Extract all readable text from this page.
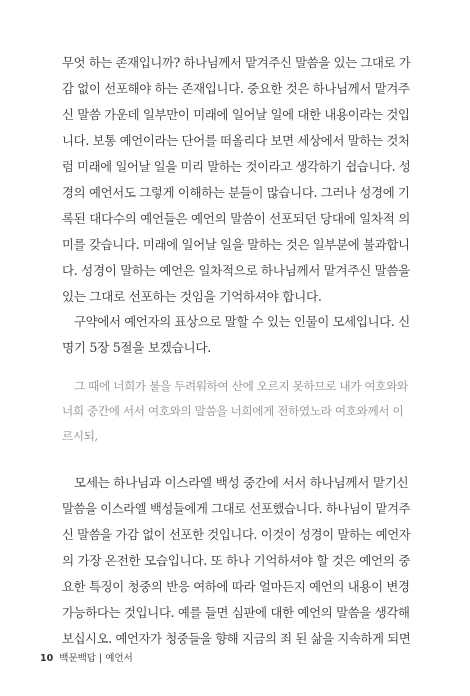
무엇 하는 존재입니까? 하나님께서 맡겨주신 말씀을 있는 그대로 가
감 없이 선포해야 하는 존재입니다. 중요한 것은 하나님께서 맡겨주
신 말씀 가운데 일부만이 미래에 일어날 일에 대한 내용이라는 것입
니다. 보통 예언이라는 단어를 떠올리다 보면 세상에서 말하는 것처
럼 미래에 일어날 일을 미리 말하는 것이라고 생각하기 쉽습니다. 성
경의 예언서도 그렇게 이해하는 분들이 많습니다. 그러나 성경에 기
록된 대다수의 예언들은 예언의 말씀이 선포되던 당대에 일차적 의
미를 갖습니다. 미래에 일어날 일을 말하는 것은 일부분에 불과합니
다. 성경이 말하는 예언은 일차적으로 하나님께서 맡겨주신 말씀을
있는 그대로 선포하는 것임을 기억하셔야 합니다.
구약에서 예언자의 표상으로 말할 수 있는 인물이 모세입니다. 신
명기 5장 5절을 보겠습니다.
그 때에 너희가 불을 두려워하여 산에 오르지 못하므로 내가 여호와와
너희 중간에 서서 여호와의 말씀을 너희에게 전하였노라 여호와께서 이
르시되,
모세는 하나님과 이스라엘 백성 중간에 서서 하나님께서 맡기신
말씀을 이스라엘 백성들에게 그대로 선포했습니다. 하나님이 맡겨주
신 말씀을 가감 없이 선포한 것입니다. 이것이 성경이 말하는 예언자
의 가장 온전한 모습입니다. 또 하나 기억하셔야 할 것은 예언의 중
요한 특징이 청중의 반응 여하에 따라 얼마든지 예언의 내용이 변경
가능하다는 것입니다. 예를 들면 심판에 대한 예언의 말씀을 생각해
보십시오. 예언자가 청중들을 향해 지금의 죄 된 삶을 지속하게 되면
10 백문백답 | 예언서
